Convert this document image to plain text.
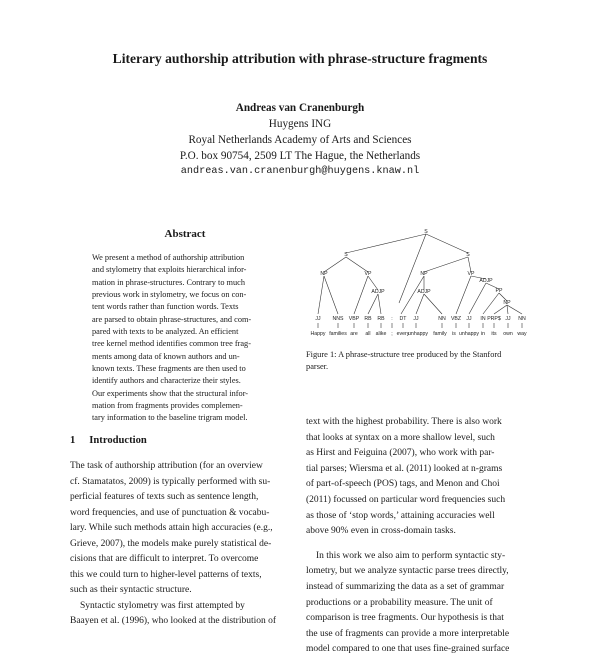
Literary authorship attribution with phrase-structure fragments
Andreas van Cranenburgh
Huygens ING
Royal Netherlands Academy of Arts and Sciences
P.O. box 90754, 2509 LT The Hague, the Netherlands
andreas.van.cranenburgh@huygens.knaw.nl
Abstract
We present a method of authorship attribution
and stylometry that exploits hierarchical infor-
mation in phrase-structures. Contrary to much
previous work in stylometry, we focus on con-
tent words rather than function words. Texts
are parsed to obtain phrase-structures, and com-
pared with texts to be analyzed. An efficient
tree kernel method identifies common tree frag-
ments among data of known authors and un-
known texts. These fragments are then used to
identify authors and characterize their styles.
Our experiments show that the structural infor-
mation from fragments provides complemen-
tary information to the baseline trigram model.
1 Introduction
The task of authorship attribution (for an overview
cf. Stamatatos, 2009) is typically performed with su-
perficial features of texts such as sentence length,
word frequencies, and use of punctuation & vocabu-
lary. While such methods attain high accuracies (e.g.,
Grieve, 2007), the models make purely statistical de-
cisions that are difficult to interpret. To overcome
this we could turn to higher-level patterns of texts,
such as their syntactic structure.
Syntactic stylometry was first attempted by
Baayen et al. (1996), who looked at the distribution of
S
S	S
NP	VP
ADJP
NP	VP
ADJP
ADJP
PP
NP
JJ NNS VBP RB RB	DT
:	JJ	NN VBZ JJ IN PRP$ JJ NN
Happy families are all alike ; every
unhappy family is unhappy in its own way
Figure 1: A phrase-structure tree produced by the Stanford
parser.
text with the highest probability. There is also work
that looks at syntax on a more shallow level, such
as Hirst and Feiguina (2007), who work with par-
tial parses; Wiersma et al. (2011) looked at n-grams
of part-of-speech (POS) tags, and Menon and Choi
(2011) focussed on particular word frequencies such
as those of ‘stop words,’ attaining accuracies well
above 90% even in cross-domain tasks.
In this work we also aim to perform syntactic sty-
lometry, but we analyze syntactic parse trees directly,
instead of summarizing the data as a set of grammar
productions or a probability measure. The unit of
comparison is tree fragments. Our hypothesis is that
the use of fragments can provide a more interpretable
model compared to one that uses fine-grained surface
